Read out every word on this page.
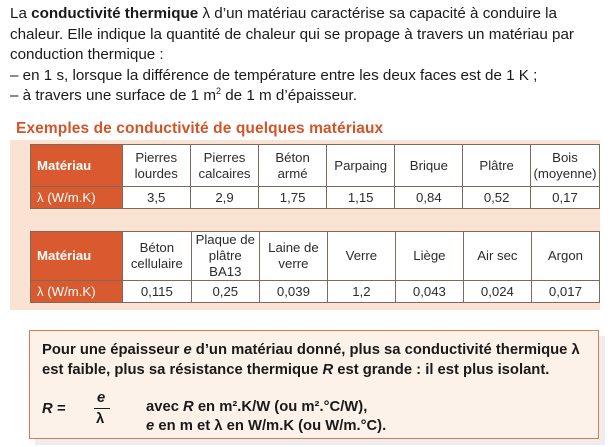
La conductivité thermique λ d’un matériau caractérise sa capacité à conduire la chaleur. Elle indique la quantité de chaleur qui se propage à travers un matériau par conduction thermique :

– en 1 s, lorsque la différence de température entre les deux faces est de 1 K ;
– à travers une surface de 1 $m^2$ de 1 m d’épaisseur.
Exemples de conductivité de quelques matériaux
Matériau	Pierres lourdes	Pierres calcaires	Béton armé	Parpaing	Brique	Plâtre	Bois (moyenne)
λ (W/m.K)	3,5	2,9	1,75	1,15	0,84	0,52	0,17
Matériau	Béton cellulaire	Plaque de plâtre BA13	Laine de verre	Verre	Liège	Air sec	Argon
λ (W/m.K)	0,115	0,25	0,039	1,2	0,043	0,024	0,017
Pour une épaisseur e d’un matériau donné, plus sa conductivité thermique λ est faible, plus sa résistance thermique R est grande : il est plus isolant.
R =
e
λ
avec R en m².K/W (ou m².°C/W),
e en m et λ en W/m.K (ou W/m.°C).
